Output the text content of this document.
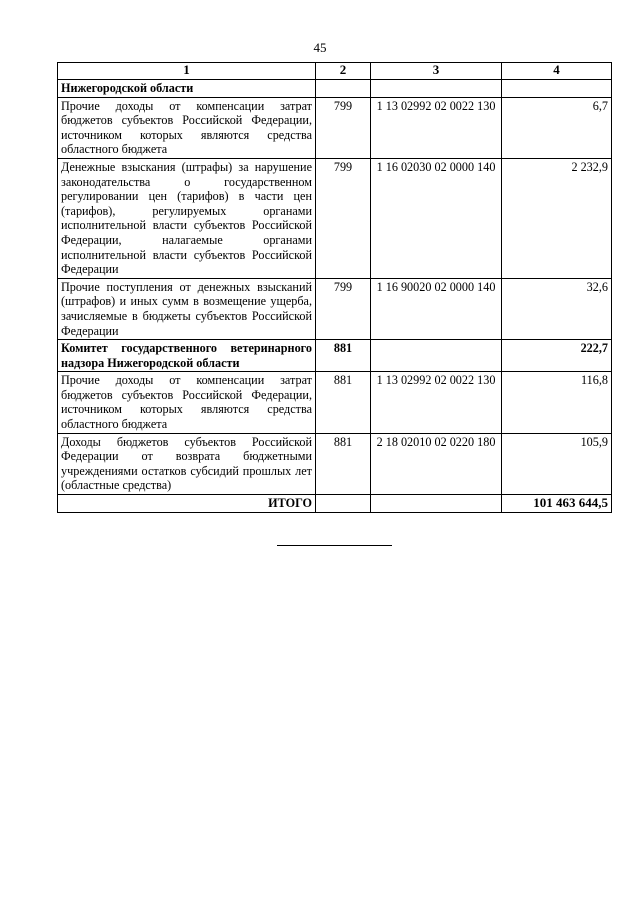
45
1	2	3	4
Нижегородской области			
Прочие доходы от компенсации затрат бюджетов субъектов Российской Федерации, источником которых являются средства областного бюджета	799	1 13 02992 02 0022 130	6,7
Денежные взыскания (штрафы) за нарушение законодательства о государственном регулировании цен (тарифов) в части цен (тарифов), регулируемых органами исполнительной власти субъектов Российской Федерации, налагаемые органами исполнительной власти субъектов Российской Федерации	799	1 16 02030 02 0000 140	2 232,9
Прочие поступления от денежных взысканий (штрафов) и иных сумм в возмещение ущерба, зачисляемые в бюджеты субъектов Российской Федерации	799	1 16 90020 02 0000 140	32,6
Комитет государственного ветеринарного надзора Нижегородской области	881		222,7
Прочие доходы от компенсации затрат бюджетов субъектов Российской Федерации, источником которых являются средства областного бюджета	881	1 13 02992 02 0022 130	116,8
Доходы бюджетов субъектов Российской Федерации от возврата бюджетными учреждениями остатков субсидий прошлых лет (областные средства)	881	2 18 02010 02 0220 180	105,9
ИТОГО			101 463 644,5
